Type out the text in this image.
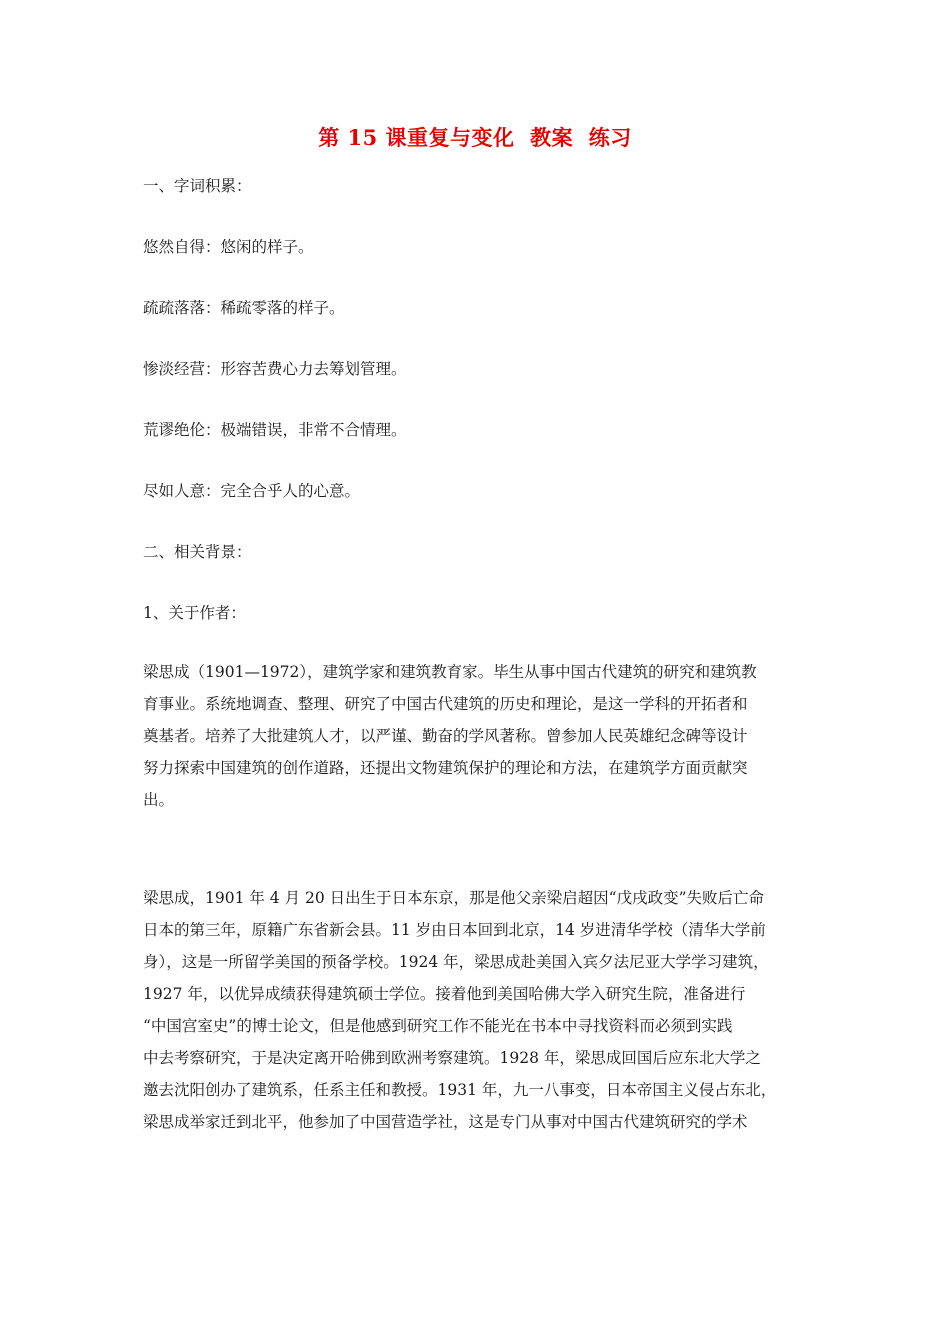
第 15 课重复与变化  教案  练习
一、字词积累：
悠然自得：悠闲的样子。
疏疏落落：稀疏零落的样子。
惨淡经营：形容苦费心力去筹划管理。
荒谬绝伦：极端错误，非常不合情理。
尽如人意：完全合乎人的心意。
二、相关背景：
1、关于作者：
梁思成（1901—1972），建筑学家和建筑教育家。毕生从事中国古代建筑的研究和建筑教
育事业。系统地调查、整理、研究了中国古代建筑的历史和理论，是这一学科的开拓者和
奠基者。培养了大批建筑人才，以严谨、勤奋的学风著称。曾参加人民英雄纪念碑等设计
努力探索中国建筑的创作道路，还提出文物建筑保护的理论和方法，在建筑学方面贡献突
出。
梁思成，1901 年 4 月 20 日出生于日本东京，那是他父亲梁启超因“戊戌政变”失败后亡命
日本的第三年，原籍广东省新会县。11 岁由日本回到北京，14 岁进清华学校（清华大学前
身），这是一所留学美国的预备学校。1924 年，梁思成赴美国入宾夕法尼亚大学学习建筑，
1927 年，以优异成绩获得建筑硕士学位。接着他到美国哈佛大学入研究生院，准备进行
“中国宫室史”的博士论文，但是他感到研究工作不能光在书本中寻找资料而必须到实践
中去考察研究，于是决定离开哈佛到欧洲考察建筑。1928 年，梁思成回国后应东北大学之
邀去沈阳创办了建筑系，任系主任和教授。1931 年，九一八事变，日本帝国主义侵占东北，
梁思成举家迁到北平，他参加了中国营造学社，这是专门从事对中国古代建筑研究的学术
